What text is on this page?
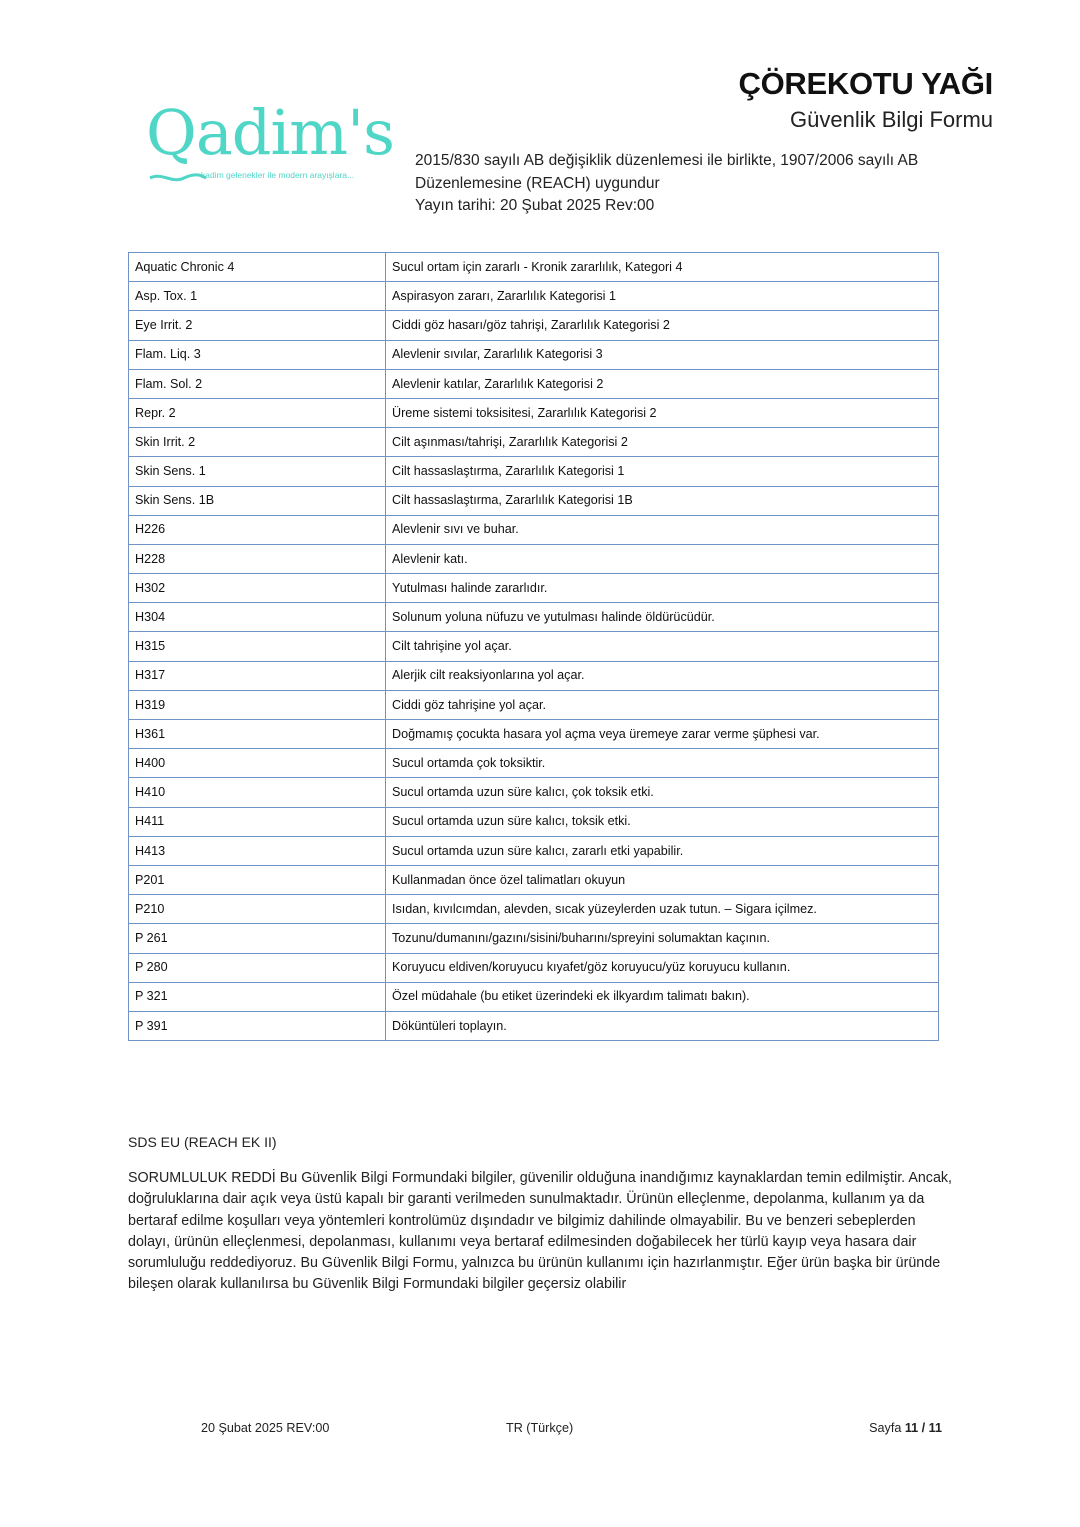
Qadim's
kadim gelenekler ile modern arayışlara...
ÇÖREKOTU YAĞI
Güvenlik Bilgi Formu
2015/830 sayılı AB değişiklik düzenlemesi ile birlikte, 1907/2006 sayılı AB
Düzenlemesine (REACH) uygundur
Yayın tarihi: 20 Şubat 2025 Rev:00
Aquatic Chronic 4	Sucul ortam için zararlı - Kronik zararlılık, Kategori 4
Asp. Tox. 1	Aspirasyon zararı, Zararlılık Kategorisi 1
Eye Irrit. 2	Ciddi göz hasarı/göz tahrişi, Zararlılık Kategorisi 2
Flam. Liq. 3	Alevlenir sıvılar, Zararlılık Kategorisi 3
Flam. Sol. 2	Alevlenir katılar, Zararlılık Kategorisi 2
Repr. 2	Üreme sistemi toksisitesi, Zararlılık Kategorisi 2
Skin Irrit. 2	Cilt aşınması/tahrişi, Zararlılık Kategorisi 2
Skin Sens. 1	Cilt hassaslaştırma, Zararlılık Kategorisi 1
Skin Sens. 1B	Cilt hassaslaştırma, Zararlılık Kategorisi 1B
H226	Alevlenir sıvı ve buhar.
H228	Alevlenir katı.
H302	Yutulması halinde zararlıdır.
H304	Solunum yoluna nüfuzu ve yutulması halinde öldürücüdür.
H315	Cilt tahrişine yol açar.
H317	Alerjik cilt reaksiyonlarına yol açar.
H319	Ciddi göz tahrişine yol açar.
H361	Doğmamış çocukta hasara yol açma veya üremeye zarar verme şüphesi var.
H400	Sucul ortamda çok toksiktir.
H410	Sucul ortamda uzun süre kalıcı, çok toksik etki.
H411	Sucul ortamda uzun süre kalıcı, toksik etki.
H413	Sucul ortamda uzun süre kalıcı, zararlı etki yapabilir.
P201	Kullanmadan önce özel talimatları okuyun
P210	Isıdan, kıvılcımdan, alevden, sıcak yüzeylerden uzak tutun. – Sigara içilmez.
P 261	Tozunu/dumanını/gazını/sisini/buharını/spreyini solumaktan kaçının.
P 280	Koruyucu eldiven/koruyucu kıyafet/göz koruyucu/yüz koruyucu kullanın.
P 321	Özel müdahale (bu etiket üzerindeki ek ilkyardım talimatı bakın).
P 391	Döküntüleri toplayın.
SDS EU (REACH EK II)
SORUMLULUK REDDİ Bu Güvenlik Bilgi Formundaki bilgiler, güvenilir olduğuna inandığımız kaynaklardan temin edilmiştir. Ancak, doğruluklarına dair açık veya üstü kapalı bir garanti verilmeden sunulmaktadır. Ürünün elleçlenme, depolanma, kullanım ya da bertaraf edilme koşulları veya yöntemleri kontrolümüz dışındadır ve bilgimiz dahilinde olmayabilir. Bu ve benzeri sebeplerden dolayı, ürünün elleçlenmesi, depolanması, kullanımı veya bertaraf edilmesinden doğabilecek her türlü kayıp veya hasara dair sorumluluğu reddediyoruz. Bu Güvenlik Bilgi Formu, yalnızca bu ürünün kullanımı için hazırlanmıştır. Eğer ürün başka bir üründe bileşen olarak kullanılırsa bu Güvenlik Bilgi Formundaki bilgiler geçersiz olabilir
20 Şubat 2025 REV:00	TR (Türkçe)	Sayfa 11 / 11
